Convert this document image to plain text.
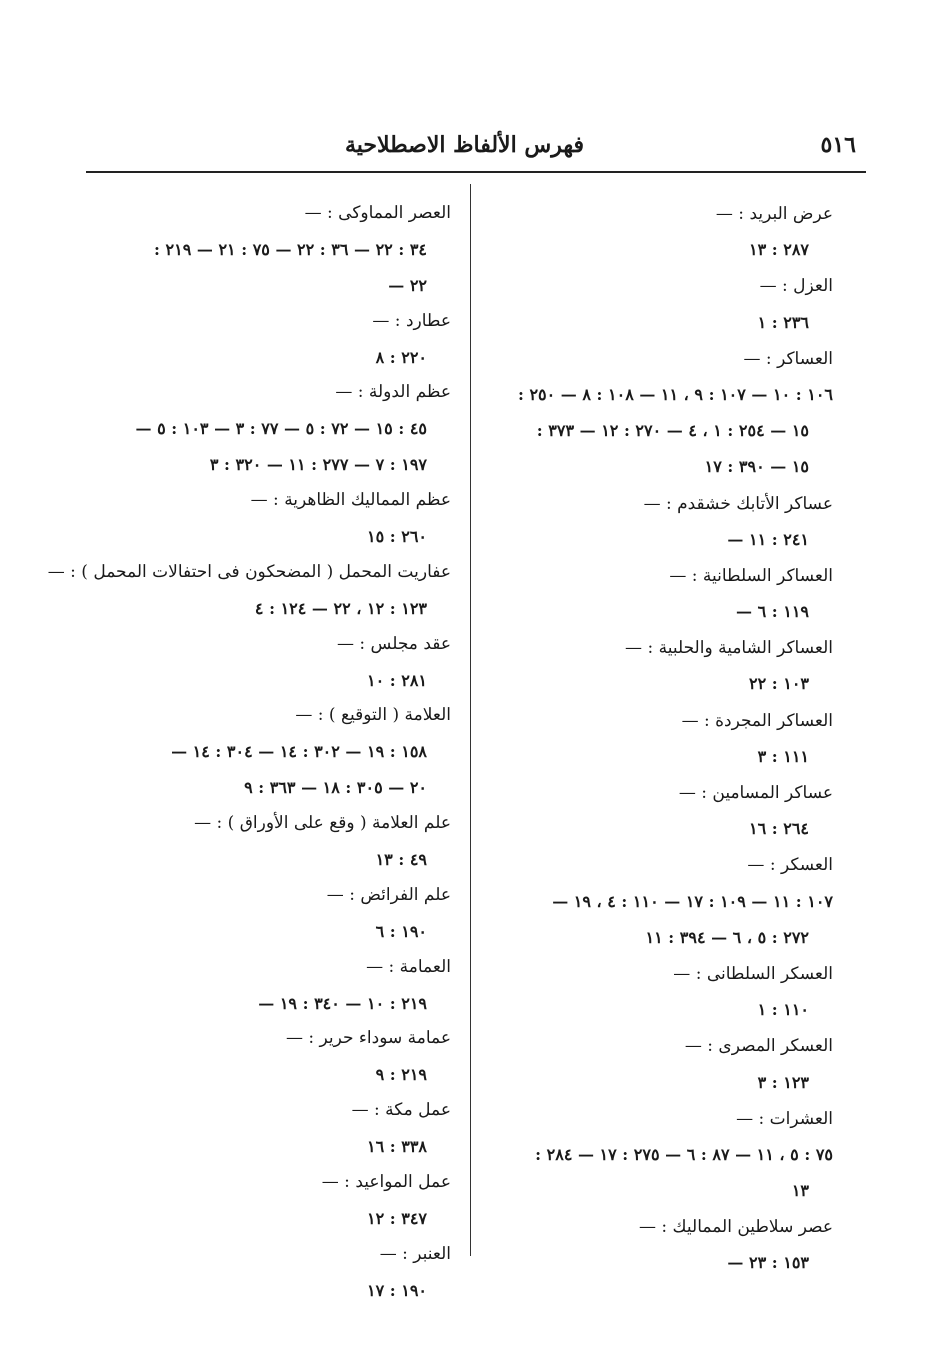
٥١٦
فهرس الألفاظ الاصطلاحية
عرض البريد : —
٢٨٧ : ١٣
العزل : —
٢٣٦ : ١
العساكر : —
١٠٦ : ١٠ — ١٠٧ : ٩ ، ١١ — ١٠٨ : ٨ — ٢٥٠ :
١٥ — ٢٥٤ : ١ ، ٤ — ٢٧٠ : ١٢ — ٣٧٣ :
١٥ — ٣٩٠ : ١٧
عساكر الأتابك خشقدم : —
٢٤١ : ١١ —
العساكر السلطانية : —
١١٩ : ٦ —
العساكر الشامية والحلبية : —
١٠٣ : ٢٢
العساكر المجردة : —
١١١ : ٣
عساكر المسامين : —
٢٦٤ : ١٦
العسكر : —
١٠٧ : ١١ — ١٠٩ : ١٧ — ١١٠ : ٤ ، ١٩ —
٢٧٢ : ٥ ، ٦ — ٣٩٤ : ١١
العسكر السلطانى : —
١١٠ : ١
العسكر المصرى : —
١٢٣ : ٣
العشرات : —
٧٥ : ٥ ، ١١ — ٨٧ : ٦ — ٢٧٥ : ١٧ — ٢٨٤ :
١٣
عصر سلاطين المماليك : —
١٥٣ : ٢٣ —
العصر المماوكى : —
٣٤ : ٢٢ — ٣٦ : ٢٢ — ٧٥ : ٢١ — ٢١٩ :
٢٢ —
عطارد : —
٢٢٠ : ٨
عظم الدولة : —
٤٥ : ١٥ — ٧٢ : ٥ — ٧٧ : ٣ — ١٠٣ : ٥ —
١٩٧ : ٧ — ٢٧٧ : ١١ — ٣٢٠ : ٣
عظم المماليك الظاهرية : —
٢٦٠ : ١٥
عفاريت المحمل ( المضحكون فى احتفالات المحمل ) : —
١٢٣ : ١٢ ، ٢٢ — ١٢٤ : ٤
عقد مجلس : —
٢٨١ : ١٠
العلامة ( التوقيع ) : —
١٥٨ : ١٩ — ٣٠٢ : ١٤ — ٣٠٤ : ١٤ —
٢٠ — ٣٠٥ : ١٨ — ٣٦٣ : ٩
علم العلامة ( وقع على الأوراق ) : —
٤٩ : ١٣
علم الفرائض : —
١٩٠ : ٦
العمامة : —
٢١٩ : ١٠ — ٣٤٠ : ١٩ —
عمامة سوداء حرير : —
٢١٩ : ٩
عمل مكة : —
٣٣٨ : ١٦
عمل المواعيد : —
٣٤٧ : ١٢
العنبر : —
١٩٠ : ١٧
